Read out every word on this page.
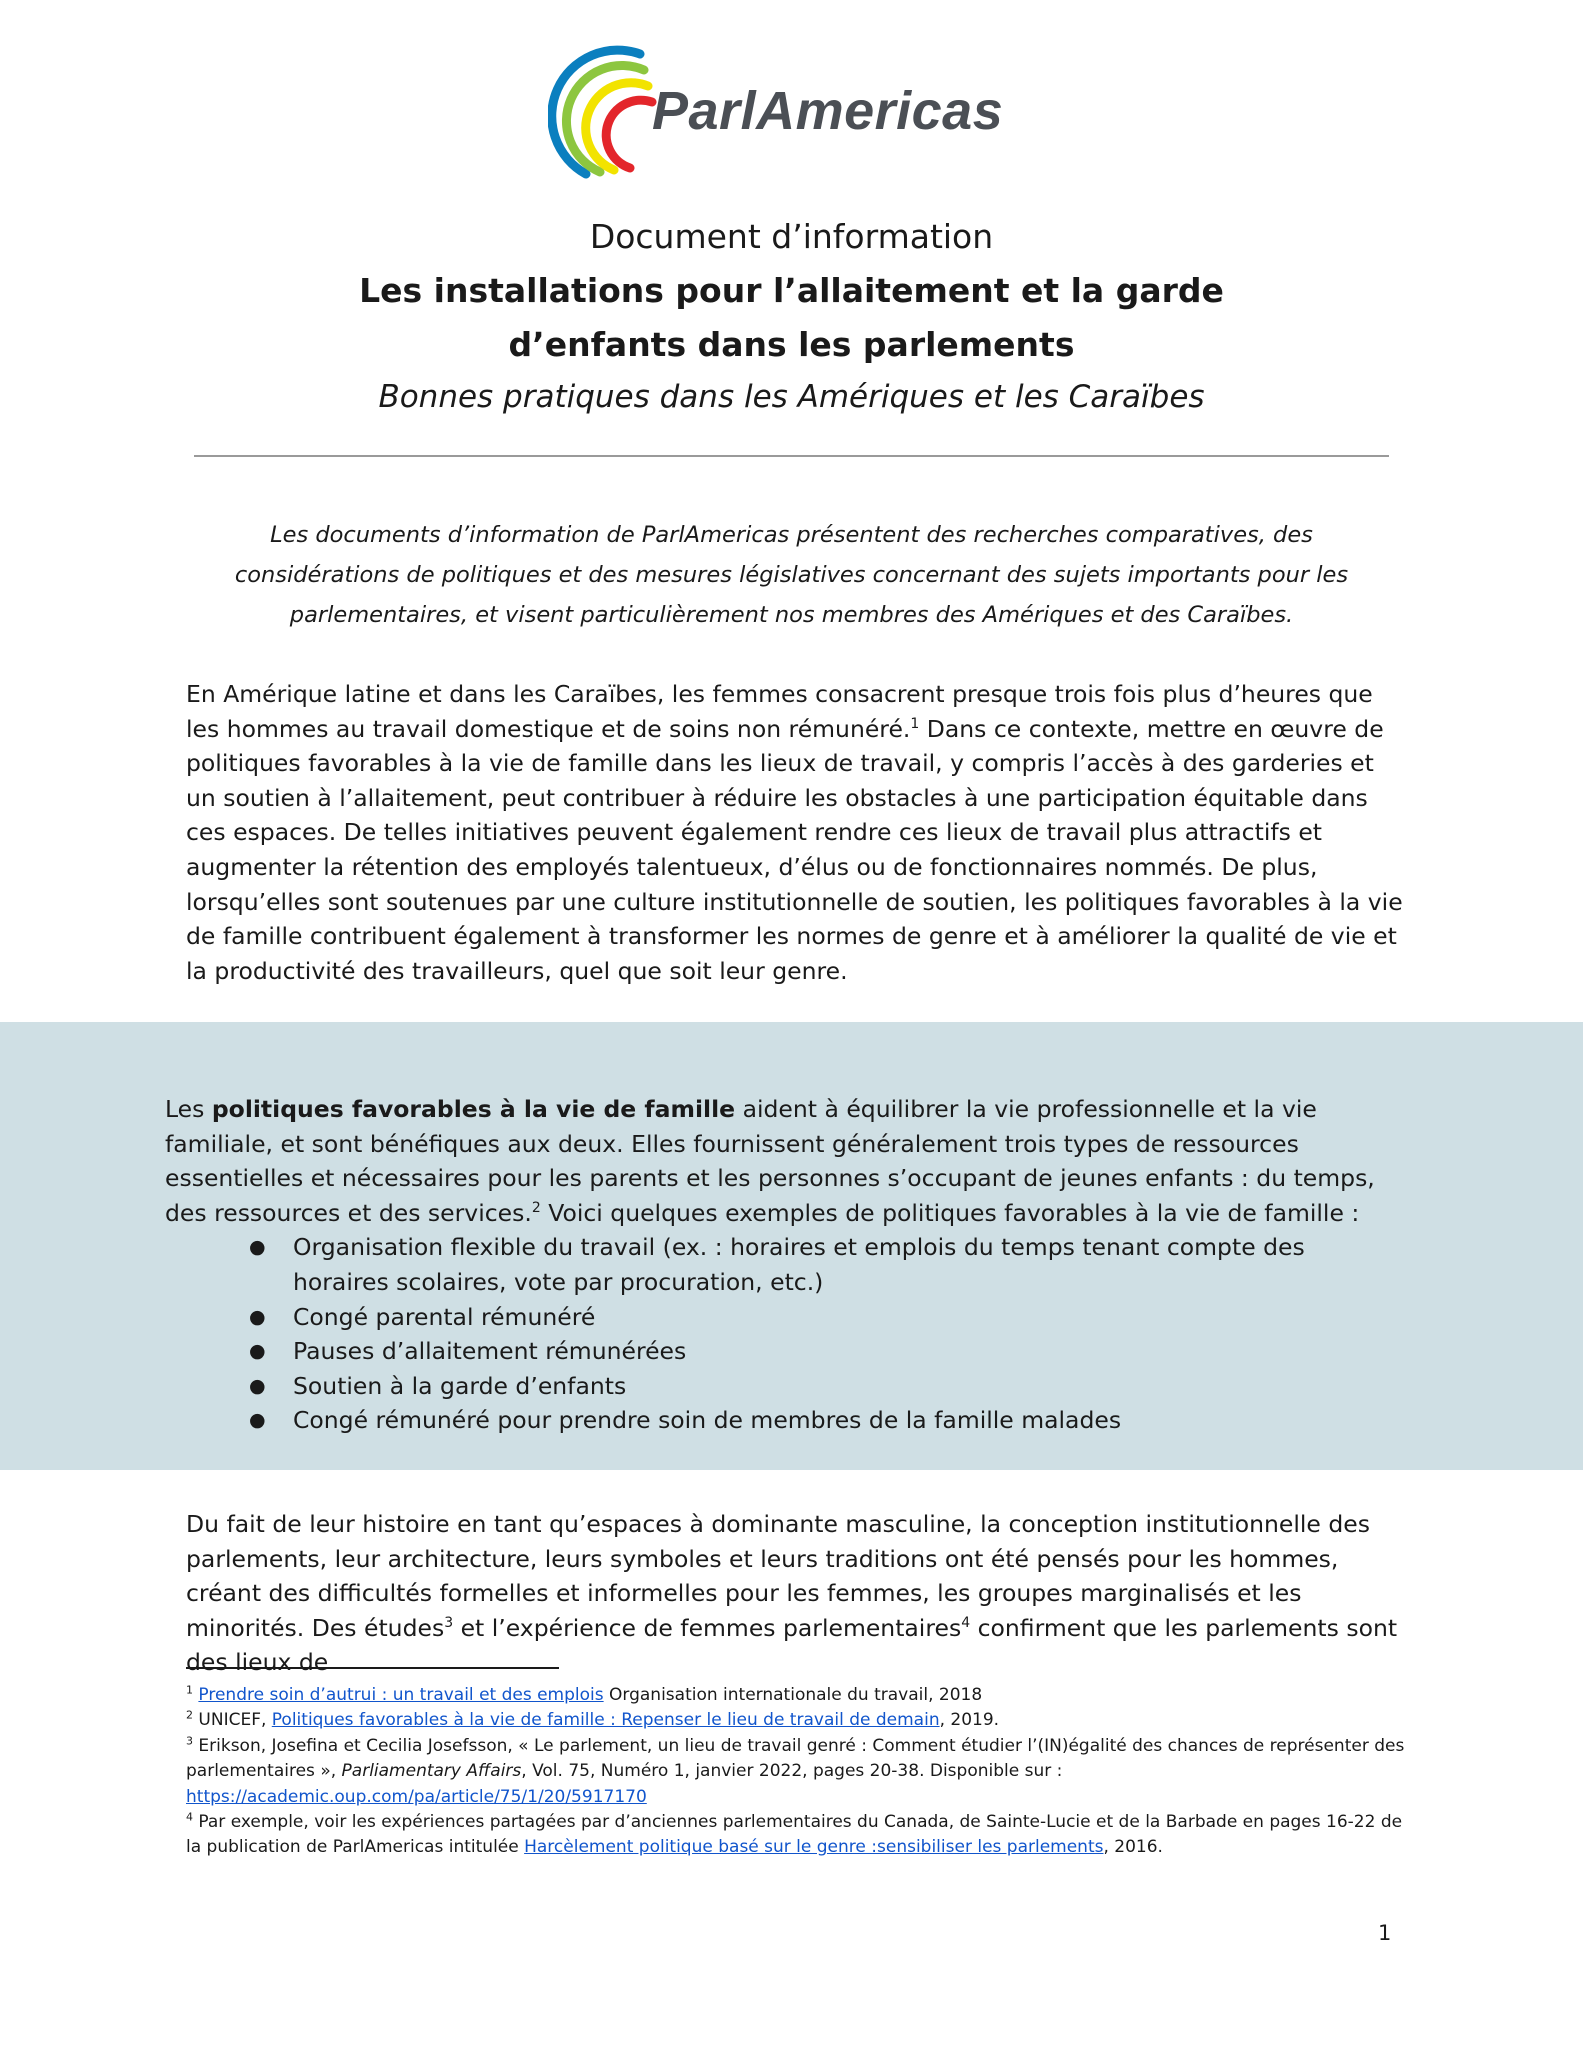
ParlAmericas
Document d’information
Les installations pour l’allaitement et la garde d’enfants dans les parlements
Bonnes pratiques dans les Amériques et les Caraïbes
Les documents d’information de ParlAmericas présentent des recherches comparatives, des considérations de politiques et des mesures législatives concernant des sujets importants pour les parlementaires, et visent particulièrement nos membres des Amériques et des Caraïbes.
En Amérique latine et dans les Caraïbes, les femmes consacrent presque trois fois plus d’heures que les hommes au travail domestique et de soins non rémunéré.$^1$ Dans ce contexte, mettre en œuvre de politiques favorables à la vie de famille dans les lieux de travail, y compris l’accès à des garderies et un soutien à l’allaitement, peut contribuer à réduire les obstacles à une participation équitable dans ces espaces. De telles initiatives peuvent également rendre ces lieux de travail plus attractifs et augmenter la rétention des employés talentueux, d’élus ou de fonctionnaires nommés. De plus, lorsqu’elles sont soutenues par une culture institutionnelle de soutien, les politiques favorables à la vie de famille contribuent également à transformer les normes de genre et à améliorer la qualité de vie et la productivité des travailleurs, quel que soit leur genre.
Les politiques favorables à la vie de famille aident à équilibrer la vie professionnelle et la vie familiale, et sont bénéfiques aux deux. Elles fournissent généralement trois types de ressources essentielles et nécessaires pour les parents et les personnes s’occupant de jeunes enfants : du temps, des ressources et des services.$^2$ Voici quelques exemples de politiques favorables à la vie de famille :
● Organisation flexible du travail (ex. : horaires et emplois du temps tenant compte des horaires scolaires, vote par procuration, etc.)
● Congé parental rémunéré
● Pauses d’allaitement rémunérées
● Soutien à la garde d’enfants
● Congé rémunéré pour prendre soin de membres de la famille malades
Du fait de leur histoire en tant qu’espaces à dominante masculine, la conception institutionnelle des parlements, leur architecture, leurs symboles et leurs traditions ont été pensés pour les hommes, créant des difficultés formelles et informelles pour les femmes, les groupes marginalisés et les minorités. Des études$^3$ et l’expérience de femmes parlementaires$^4$ confirment que les parlements sont des lieux de

$^1$ Prendre soin d’autrui : un travail et des emplois Organisation internationale du travail, 2018

$^2$ UNICEF, Politiques favorables à la vie de famille : Repenser le lieu de travail de demain, 2019.

$^3$ Erikson, Josefina et Cecilia Josefsson, « Le parlement, un lieu de travail genré : Comment étudier l’(IN)égalité des chances de représenter des parlementaires », Parliamentary Affairs, Vol. 75, Numéro 1, janvier 2022, pages 20-38. Disponible sur : https://academic.oup.com/pa/article/75/1/20/5917170

$^4$ Par exemple, voir les expériences partagées par d’anciennes parlementaires du Canada, de Sainte-Lucie et de la Barbade en pages 16-22 de la publication de ParlAmericas intitulée Harcèlement politique basé sur le genre :sensibiliser les parlements, 2016.

1
